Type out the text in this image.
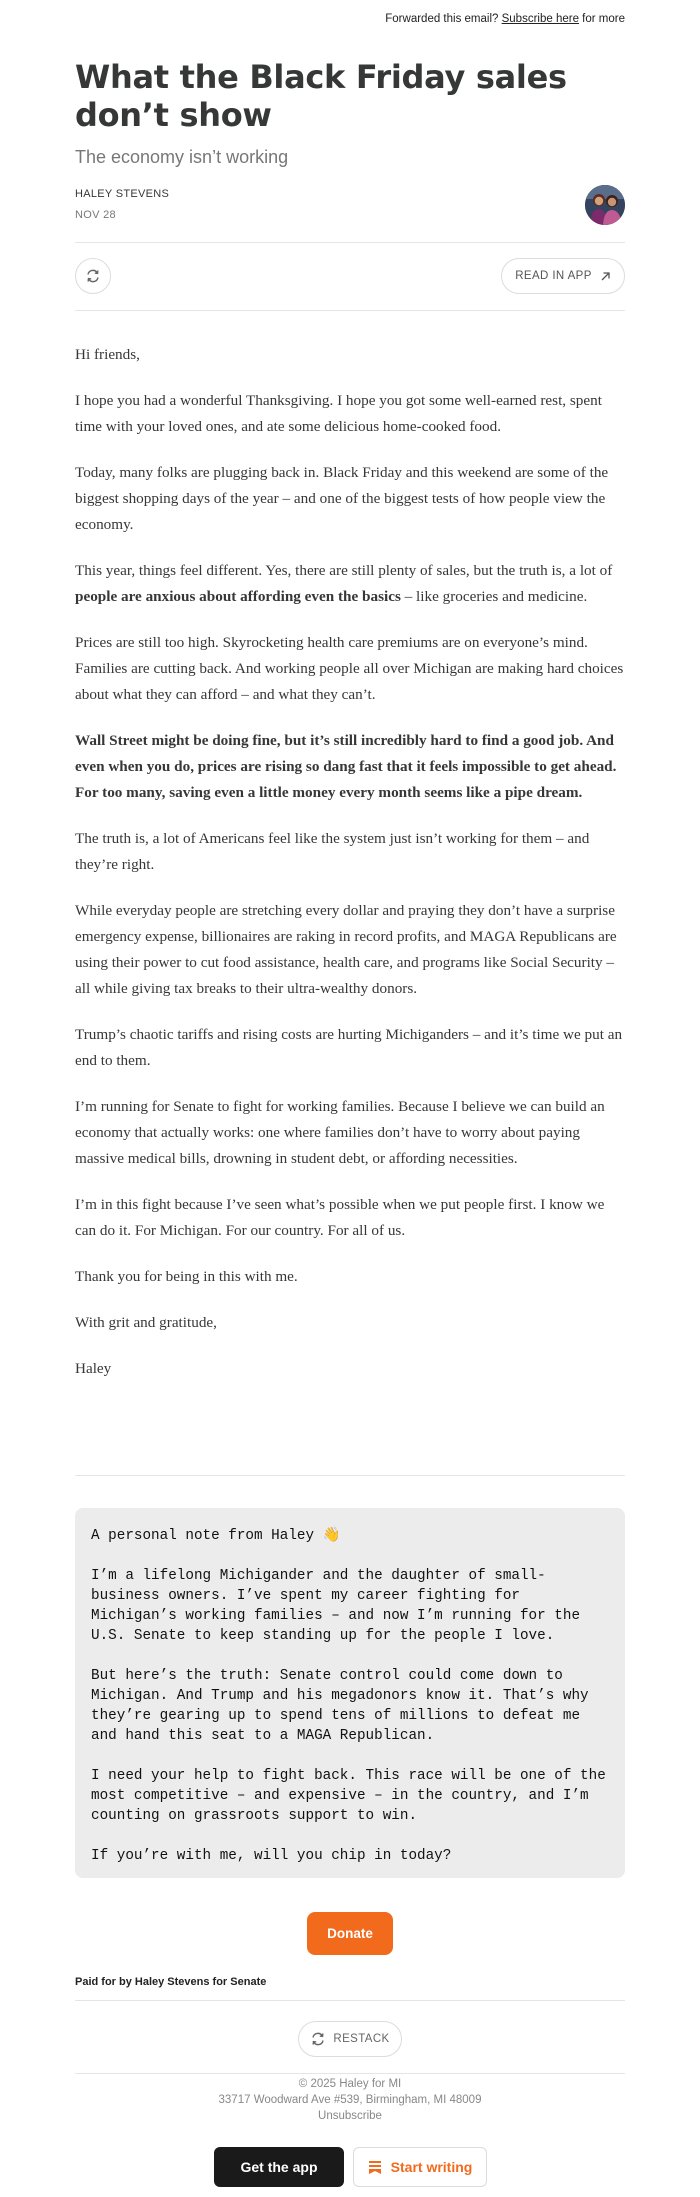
Forwarded this email? Subscribe here for more
What the Black Friday sales don’t show
The economy isn’t working
HALEY STEVENS
NOV 28
READ IN APP

Hi friends,

I hope you had a wonderful Thanksgiving. I hope you got some well-earned rest, spent time with your loved ones, and ate some delicious home-cooked food.

Today, many folks are plugging back in. Black Friday and this weekend are some of the biggest shopping days of the year – and one of the biggest tests of how people view the economy.

This year, things feel different. Yes, there are still plenty of sales, but the truth is, a lot of people are anxious about affording even the basics – like groceries and medicine.

Prices are still too high. Skyrocketing health care premiums are on everyone’s mind. Families are cutting back. And working people all over Michigan are making hard choices about what they can afford – and what they can’t.

Wall Street might be doing fine, but it’s still incredibly hard to find a good job. And even when you do, prices are rising so dang fast that it feels impossible to get ahead. For too many, saving even a little money every month seems like a pipe dream.

The truth is, a lot of Americans feel like the system just isn’t working for them – and they’re right.

While everyday people are stretching every dollar and praying they don’t have a surprise emergency expense, billionaires are raking in record profits, and MAGA Republicans are using their power to cut food assistance, health care, and programs like Social Security – all while giving tax breaks to their ultra-wealthy donors.

Trump’s chaotic tariffs and rising costs are hurting Michiganders – and it’s time we put an end to them.

I’m running for Senate to fight for working families. Because I believe we can build an economy that actually works: one where families don’t have to worry about paying massive medical bills, drowning in student debt, or affording necessities.

I’m in this fight because I’ve seen what’s possible when we put people first. I know we can do it. For Michigan. For our country. For all of us.

Thank you for being in this with me.

With grit and gratitude,

Haley

A personal note from Haley 👋

I’m a lifelong Michigander and the daughter of small-business owners. I’ve spent my career fighting for Michigan’s working families – and now I’m running for the U.S. Senate to keep standing up for the people I love.

But here’s the truth: Senate control could come down to Michigan. And Trump and his megadonors know it. That’s why they’re gearing up to spend tens of millions to defeat me and hand this seat to a MAGA Republican.

I need your help to fight back. This race will be one of the most competitive – and expensive – in the country, and I’m counting on grassroots support to win.

If you’re with me, will you chip in today?

Donate
Paid for by Haley Stevens for Senate
RESTACK
© 2025 Haley for MI
33717 Woodward Ave #539, Birmingham, MI 48009
Unsubscribe
Get the app	Start writing
